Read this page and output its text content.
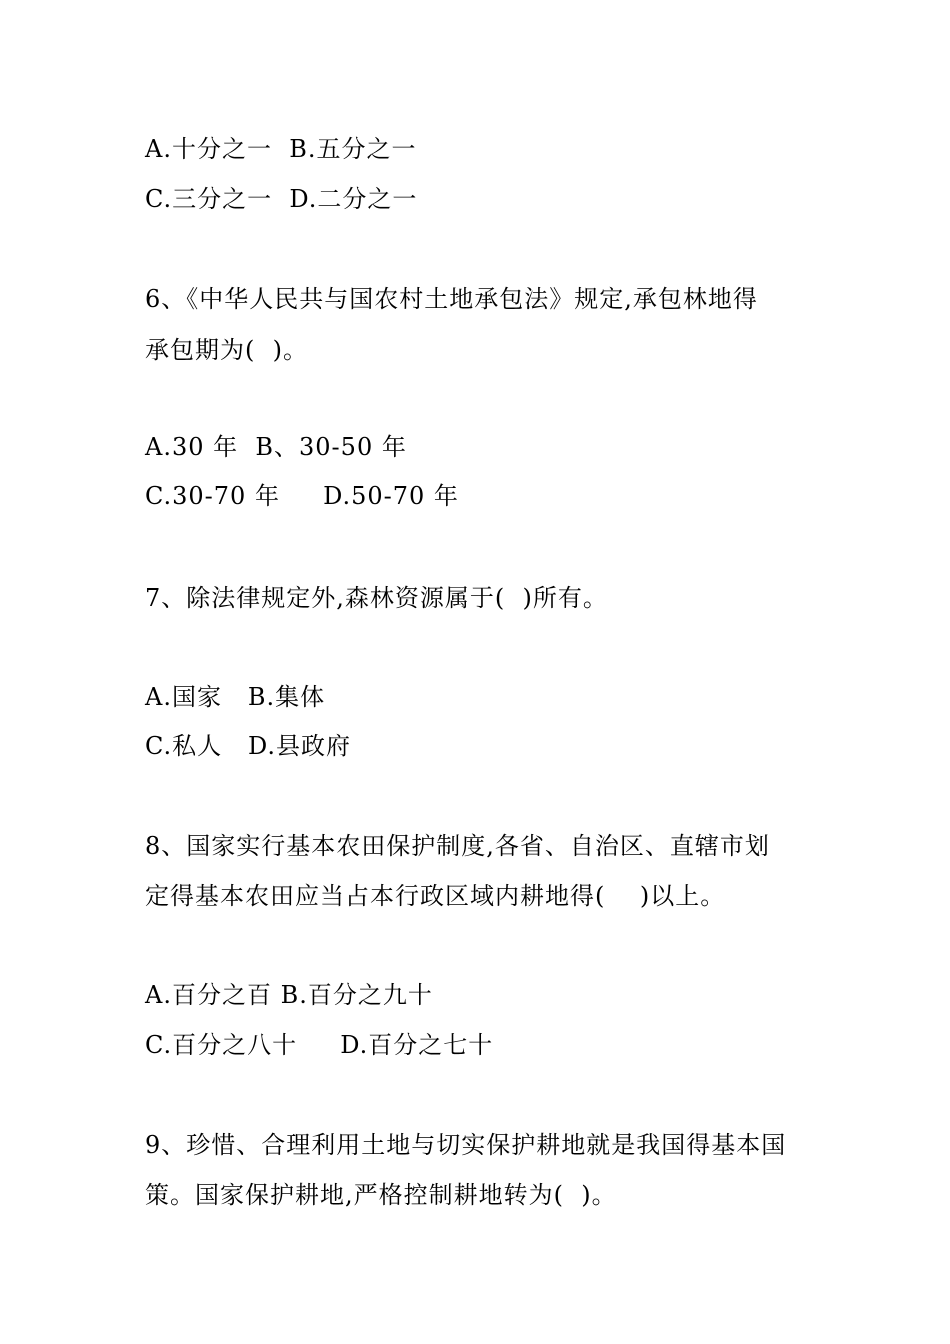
A.十分之一  B.五分之一
C.三分之一  D.二分之一
6、《中华人民共与国农村土地承包法》规定,承包林地得
承包期为(  )。
A.30 年  B、30-50 年
C.30-70 年     D.50-70 年
7、除法律规定外,森林资源属于(  )所有。
A.国家   B.集体
C.私人   D.县政府
8、国家实行基本农田保护制度,各省、自治区、直辖市划
定得基本农田应当占本行政区域内耕地得(    )以上。
A.百分之百 B.百分之九十
C.百分之八十     D.百分之七十
9、珍惜、合理利用土地与切实保护耕地就是我国得基本国
策。国家保护耕地,严格控制耕地转为(  )。
